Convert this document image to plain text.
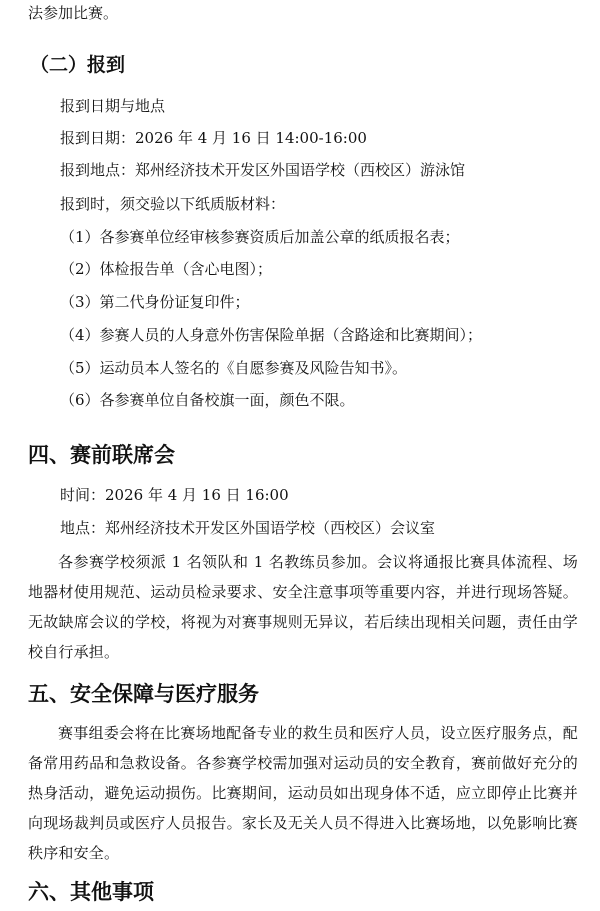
法参加比赛。
（二）报到
报到日期与地点
报到日期：2026 年 4 月 16 日 14:00-16:00
报到地点：郑州经济技术开发区外国语学校（西校区）游泳馆
报到时，须交验以下纸质版材料：
（1）各参赛单位经审核参赛资质后加盖公章的纸质报名表；
（2）体检报告单（含心电图）；
（3）第二代身份证复印件；
（4）参赛人员的人身意外伤害保险单据（含路途和比赛期间）；
（5）运动员本人签名的《自愿参赛及风险告知书》。
（6）各参赛单位自备校旗一面，颜色不限。
四、赛前联席会
时间：2026 年 4 月 16 日 16:00
地点：郑州经济技术开发区外国语学校（西校区）会议室
各参赛学校须派 1 名领队和 1 名教练员参加。会议将通报比赛具体流程、场地器材使用规范、运动员检录要求、安全注意事项等重要内容，并进行现场答疑。无故缺席会议的学校，将视为对赛事规则无异议，若后续出现相关问题，责任由学校自行承担。
五、安全保障与医疗服务
赛事组委会将在比赛场地配备专业的救生员和医疗人员，设立医疗服务点，配备常用药品和急救设备。各参赛学校需加强对运动员的安全教育，赛前做好充分的热身活动，避免运动损伤。比赛期间，运动员如出现身体不适，应立即停止比赛并向现场裁判员或医疗人员报告。家长及无关人员不得进入比赛场地，以免影响比赛秩序和安全。
六、其他事项
